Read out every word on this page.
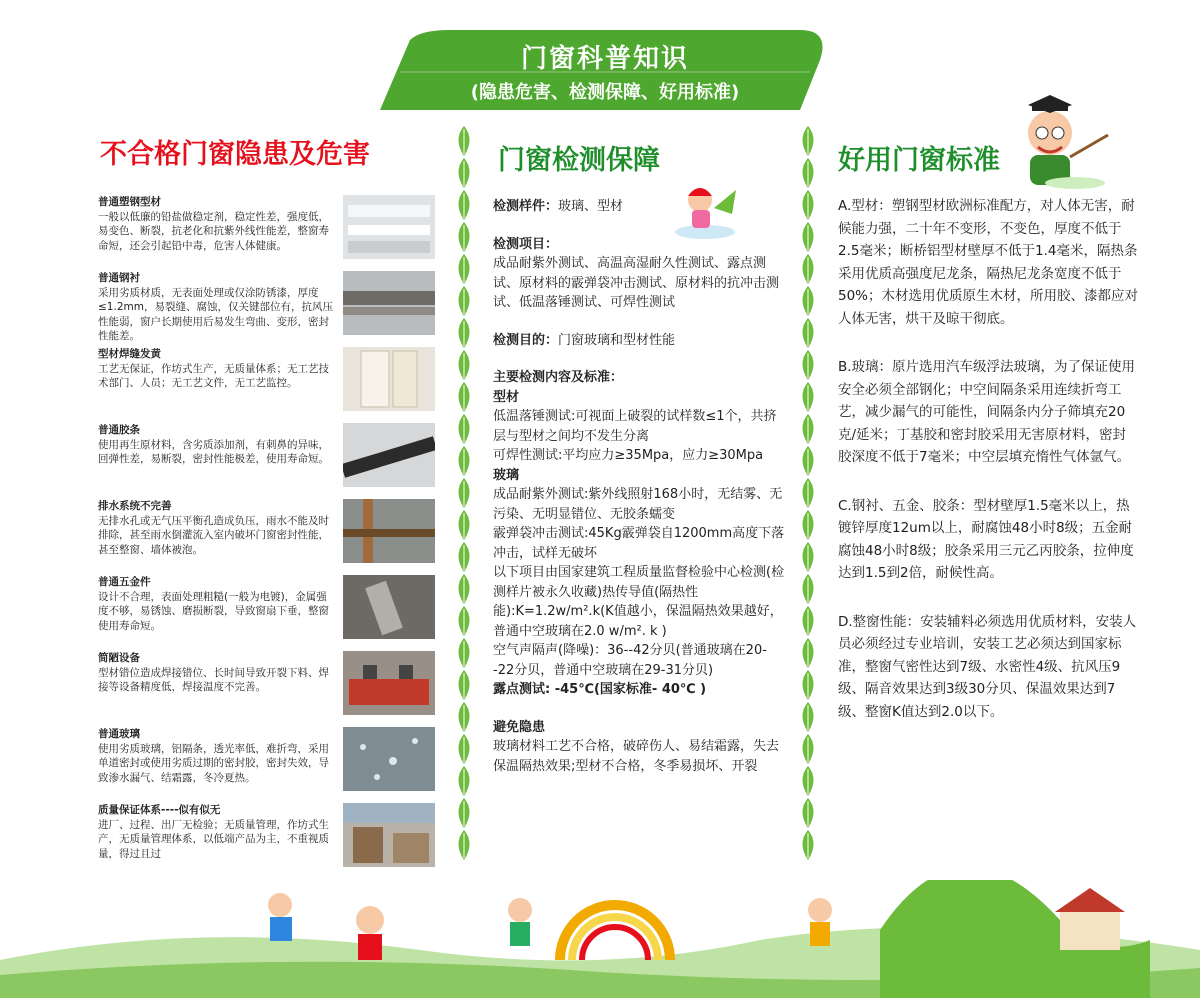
门窗科普知识
(隐患危害、检测保障、好用标准)
不合格门窗隐患及危害	门窗检测保障	好用门窗标准
普通塑钢型材
一般以低廉的铅盐做稳定剂，稳定性差，强度低，易变色、断裂，抗老化和抗紫外线性能差，整窗寿命短，还会引起铅中毒，危害人体健康。
普通钢衬
采用劣质材质，无表面处理或仅涂防锈漆，厚度≤1.2mm，易裂缝、腐蚀，仅关键部位有，抗风压性能弱，窗户长期使用后易发生弯曲、变形，密封性能差。
型材焊缝发黄
工艺无保证，作坊式生产，无质量体系；无工艺技术部门、人员；无工艺文件，无工艺监控。
普通胶条
使用再生原材料，含劣质添加剂，有刺鼻的异味，回弹性差，易断裂，密封性能极差，使用寿命短。
排水系统不完善
无排水孔或无气压平衡孔造成负压，雨水不能及时排除，甚至雨水倒灌流入室内破坏门窗密封性能，甚至整窗、墙体被泡。
普通五金件
设计不合理，表面处理粗糙(一般为电镀)，金属强度不够，易锈蚀、磨损断裂，导致窗扇下垂，整窗使用寿命短。
简陋设备
型材错位造成焊接错位、长时间导致开裂下料、焊接等设备精度低，焊接温度不完善。
普通玻璃
使用劣质玻璃，铝隔条，透光率低，难折弯，采用单道密封或使用劣质过期的密封胶，密封失效，导致渗水漏气、结霜露，冬冷夏热。
质量保证体系----似有似无
进厂、过程、出厂无检验；无质量管理，作坊式生产，无质量管理体系，以低端产品为主，不重视质量，得过且过

检测样件：玻璃、型材

检测项目：

成品耐紫外测试、高温高湿耐久性测试、露点测试、原材料的霰弹袋冲击测试、原材料的抗冲击测试、低温落锤测试、可焊性测试

检测目的：门窗玻璃和型材性能

主要检测内容及标准：

型材

低温落锤测试:可视面上破裂的试样数≤1个，共挤层与型材之间均不发生分离

可焊性测试:平均应力≥35Mpa，应力≥30Mpa

玻璃

成品耐紫外测试:紫外线照射168小时，无结雾、无污染、无明显错位、无胶条蠕变

霰弹袋冲击测试:45Kg霰弹袋自1200mm高度下落冲击，试样无破坏

以下项目由国家建筑工程质量监督检验中心检测(检测样片被永久收藏)热传导值(隔热性能):K=1.2w/m².k(K值越小，保温隔热效果越好，普通中空玻璃在2.0 w/m². k )

空气声隔声(降噪)：36--42分贝(普通玻璃在20--22分贝，普通中空玻璃在29-31分贝)

露点测试: -45℃(国家标准- 40℃ )

避免隐患

玻璃材料工艺不合格，破碎伤人、易结霜露，失去保温隔热效果;型材不合格，冬季易损坏、开裂

A.型材：塑钢型材欧洲标准配方，对人体无害，耐候能力强，二十年不变形，不变色，厚度不低于2.5毫米；断桥铝型材壁厚不低于1.4毫米，隔热条采用优质高强度尼龙条，隔热尼龙条宽度不低于50%；木材选用优质原生木材，所用胶、漆都应对人体无害，烘干及晾干彻底。

B.玻璃：原片选用汽车级浮法玻璃，为了保证使用安全必须全部钢化；中空间隔条采用连续折弯工艺，减少漏气的可能性，间隔条内分子筛填充20克/延米；丁基胶和密封胶采用无害原材料，密封胶深度不低于7毫米；中空层填充惰性气体氩气。

C.钢衬、五金、胶条：型材壁厚1.5毫米以上，热镀锌厚度12um以上，耐腐蚀48小时8级；五金耐腐蚀48小时8级；胶条采用三元乙丙胶条，拉伸度达到1.5到2倍，耐候性高。

D.整窗性能：安装辅料必须选用优质材料，安装人员必须经过专业培训，安装工艺必须达到国家标准，整窗气密性达到7级、水密性4级、抗风压9级、隔音效果达到3级30分贝、保温效果达到7级、整窗K值达到2.0以下。
